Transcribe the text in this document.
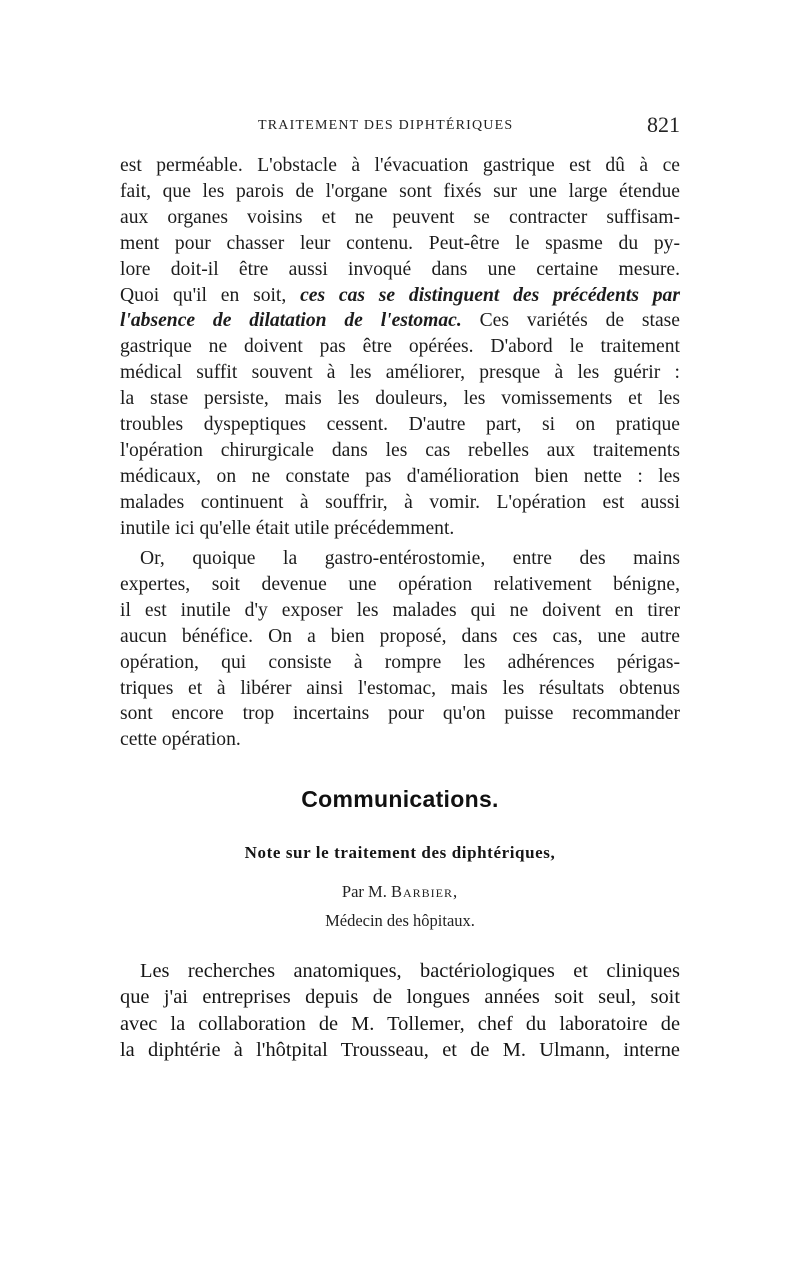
TRAITEMENT DES DIPHTÉRIQUES	821
est perméable. L'obstacle à l'évacuation gastrique est dû à ce
fait, que les parois de l'organe sont fixés sur une large étendue
aux organes voisins et ne peuvent se contracter suffisam-
ment pour chasser leur contenu. Peut-être le spasme du py-
lore doit-il être aussi invoqué dans une certaine mesure.
Quoi qu'il en soit, ces cas se distinguent des précédents par
l'absence de dilatation de l'estomac. Ces variétés de stase
gastrique ne doivent pas être opérées. D'abord le traitement
médical suffit souvent à les améliorer, presque à les guérir :
la stase persiste, mais les douleurs, les vomissements et les
troubles dyspeptiques cessent. D'autre part, si on pratique
l'opération chirurgicale dans les cas rebelles aux traitements
médicaux, on ne constate pas d'amélioration bien nette : les
malades continuent à souffrir, à vomir. L'opération est aussi
inutile ici qu'elle était utile précédemment.
Or, quoique la gastro-entérostomie, entre des mains
expertes, soit devenue une opération relativement bénigne,
il est inutile d'y exposer les malades qui ne doivent en tirer
aucun bénéfice. On a bien proposé, dans ces cas, une autre
opération, qui consiste à rompre les adhérences périgas-
triques et à libérer ainsi l'estomac, mais les résultats obtenus
sont encore trop incertains pour qu'on puisse recommander
cette opération.
Communications.
Note sur le traitement des diphtériques,
Par M. Barbier,
Médecin des hôpitaux.
Les recherches anatomiques, bactériologiques et cliniques
que j'ai entreprises depuis de longues années soit seul, soit
avec la collaboration de M. Tollemer, chef du laboratoire de
la diphtérie à l'hôtpital Trousseau, et de M. Ulmann, interne
